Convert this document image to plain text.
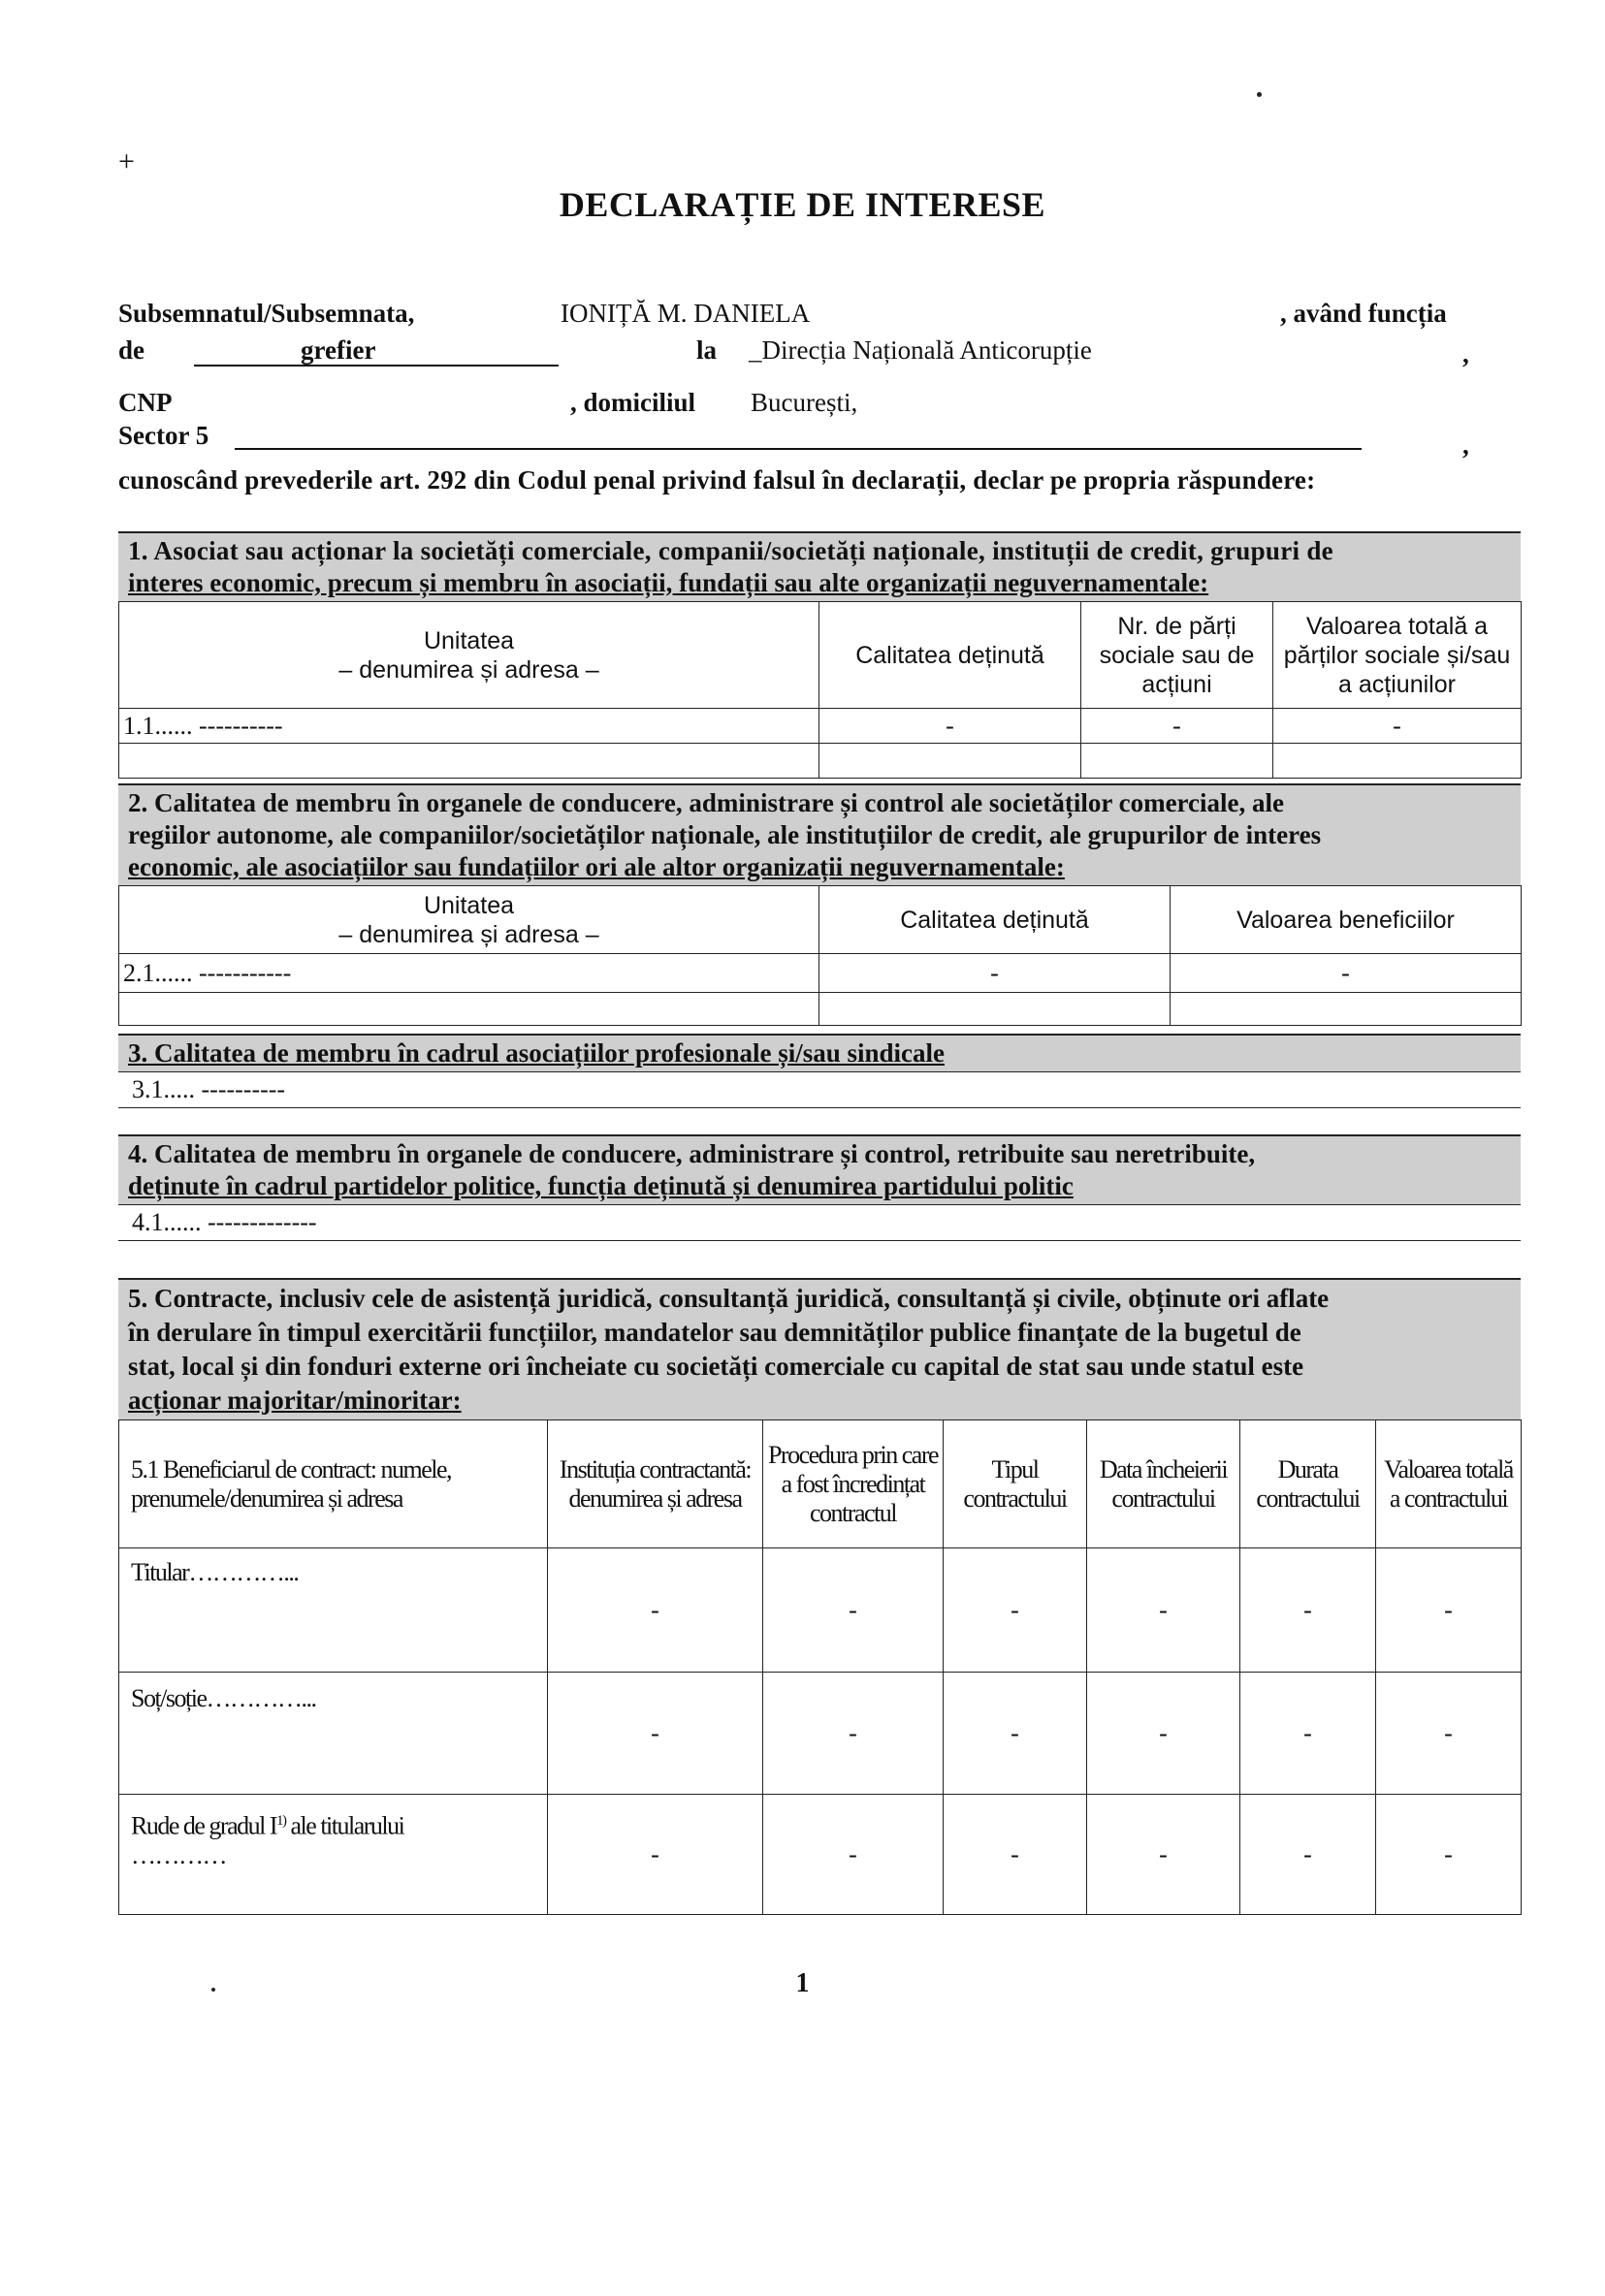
+
DECLARAȚIE DE INTERESE
Subsemnatul/Subsemnata,	IONIȚĂ M. DANIELA	, având funcția
de	grefier	la _Direcția Națională Anticorupție	,
CNP	, domiciliul București,
Sector 5	,
cunoscând prevederile art. 292 din Codul penal privind falsul în declarații, declar pe propria răspundere:
1. Asociat sau acționar la societăți comerciale, companii/societăți naționale, instituții de credit, grupuri de
interes economic, precum și membru în asociații, fundații sau alte organizații neguvernamentale:
Unitatea
– denumirea și adresa –	Calitatea deținută	Nr. de părți sociale sau de acțiuni	Valoarea totală a părților sociale și/sau a acțiunilor
1.1...... ----------	-	-	-

2. Calitatea de membru în organele de conducere, administrare și control ale societăților comerciale, ale
regiilor autonome, ale companiilor/societăților naționale, ale instituțiilor de credit, ale grupurilor de interes
economic, ale asociațiilor sau fundațiilor ori ale altor organizații neguvernamentale:
Unitatea
– denumirea și adresa –	Calitatea deținută	Valoarea beneficiilor
2.1...... -----------	-	-

3. Calitatea de membru în cadrul asociațiilor profesionale și/sau sindicale
3.1..... ----------
4. Calitatea de membru în organele de conducere, administrare și control, retribuite sau neretribuite,
deținute în cadrul partidelor politice, funcția deținută și denumirea partidului politic
4.1...... -------------
5. Contracte, inclusiv cele de asistență juridică, consultanță juridică, consultanță și civile, obținute ori aflate
în derulare în timpul exercitării funcțiilor, mandatelor sau demnităților publice finanțate de la bugetul de
stat, local și din fonduri externe ori încheiate cu societăți comerciale cu capital de stat sau unde statul este
acționar majoritar/minoritar:
5.1 Beneficiarul de contract: numele, prenumele/denumirea și adresa	Instituția contractantă: denumirea și adresa	Procedura prin care a fost încredințat contractul	Tipul contractului	Data încheierii contractului	Durata contractului	Valoarea totală a contractului
Titular…………...	-	-	-	-	-	-
Soț/soție…………...	-	-	-	-	-	-
Rude de gradul $I^{1)}$ ale titularului
…………	-	-	-	-	-	-
1
